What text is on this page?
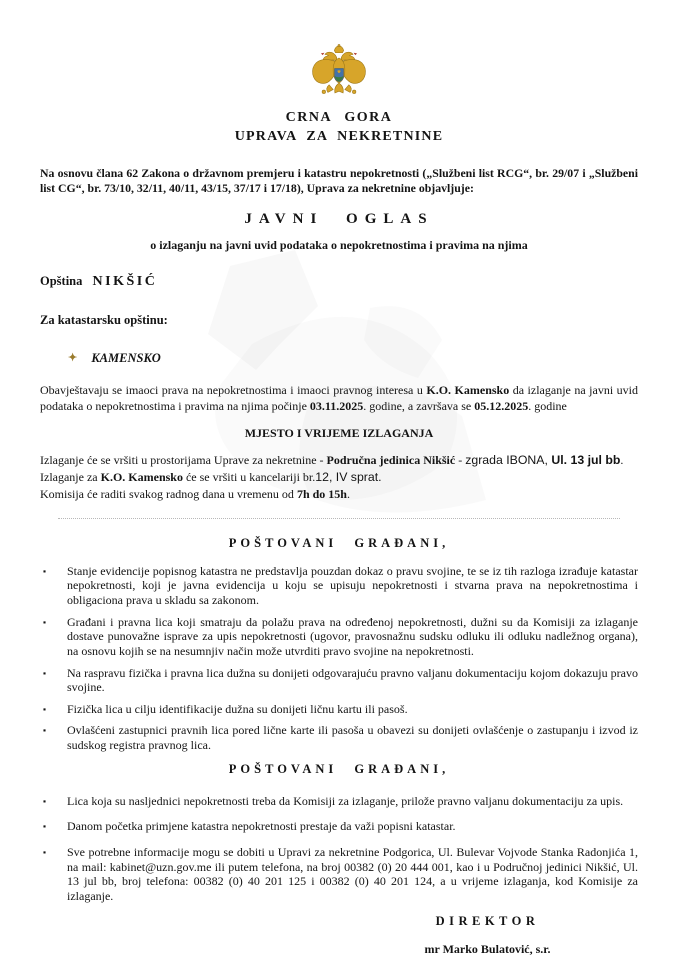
CRNA GORA
UPRAVA ZA NEKRETNINE

Na osnovu člana 62 Zakona o državnom premjeru i katastru nepokretnosti („Službeni list RCG“, br. 29/07 i „Službeni list CG“, br. 73/10, 32/11, 40/11, 43/15, 37/17 i 17/18), Uprava za nekretnine objavljuje:

JAVNI OGLAS
o izlaganju na javni uvid podataka o nepokretnostima i pravima na njima
Opština NIKŠIĆ
Za katastarsku opštinu:
✦ KAMENSKO

Obavještavaju se imaoci prava na nepokretnostima i imaoci pravnog interesa u K.O. Kamensko da izlaganje na javni uvid podataka o nepokretnostima i pravima na njima počinje 03.11.2025. godine, a završava se 05.12.2025. godine

MJESTO I VRIJEME IZLAGANJA

Izlaganje će se vršiti u prostorijama Uprave za nekretnine - Područna jedinica Nikšić - zgrada IBONA, Ul. 13 jul bb.

Izlaganje za K.O. Kamensko će se vršiti u kancelariji br.12, IV sprat.

Komisija će raditi svakog radnog dana u vremenu od 7h do 15h.

POŠTOVANI GRAĐANI,
▪	Stanje evidencije popisnog katastra ne predstavlja pouzdan dokaz o pravu svojine, te se iz tih razloga izrađuje katastar nepokretnosti, koji je javna evidencija u koju se upisuju nepokretnosti i stvarna prava na nepokretnostima i obligaciona prava u skladu sa zakonom.
▪	Građani i pravna lica koji smatraju da polažu prava na određenoj nepokretnosti, dužni su da Komisiji za izlaganje dostave punovažne isprave za upis nepokretnosti (ugovor, pravosnažnu sudsku odluku ili odluku nadležnog organa), na osnovu kojih se na nesumnjiv način može utvrditi pravo svojine na nepokretnosti.
▪	Na raspravu fizička i pravna lica dužna su donijeti odgovarajuću pravno valjanu dokumentaciju kojom dokazuju pravo svojine.
▪	Fizička lica u cilju identifikacije dužna su donijeti ličnu kartu ili pasoš.
▪	Ovlašćeni zastupnici pravnih lica pored lične karte ili pasoša u obavezi su donijeti ovlašćenje o zastupanju i izvod iz sudskog registra pravnog lica.
POŠTOVANI GRAĐANI,
▪	Lica koja su nasljednici nepokretnosti treba da Komisiji za izlaganje, prilože pravno valjanu dokumentaciju za upis.
▪	Danom početka primjene katastra nepokretnosti prestaje da važi popisni katastar.
▪	Sve potrebne informacije mogu se dobiti u Upravi za nekretnine Podgorica, Ul. Bulevar Vojvode Stanka Radonjića 1, na mail: kabinet@uzn.gov.me ili putem telefona, na broj 00382 (0) 20 444 001, kao i u Područnoj jedinici Nikšić, Ul. 13 jul bb, broj telefona: 00382 (0) 40 201 125 i 00382 (0) 40 201 124, a u vrijeme izlaganja, kod Komisije za izlaganje.
DIREKTOR
mr Marko Bulatović, s.r.
